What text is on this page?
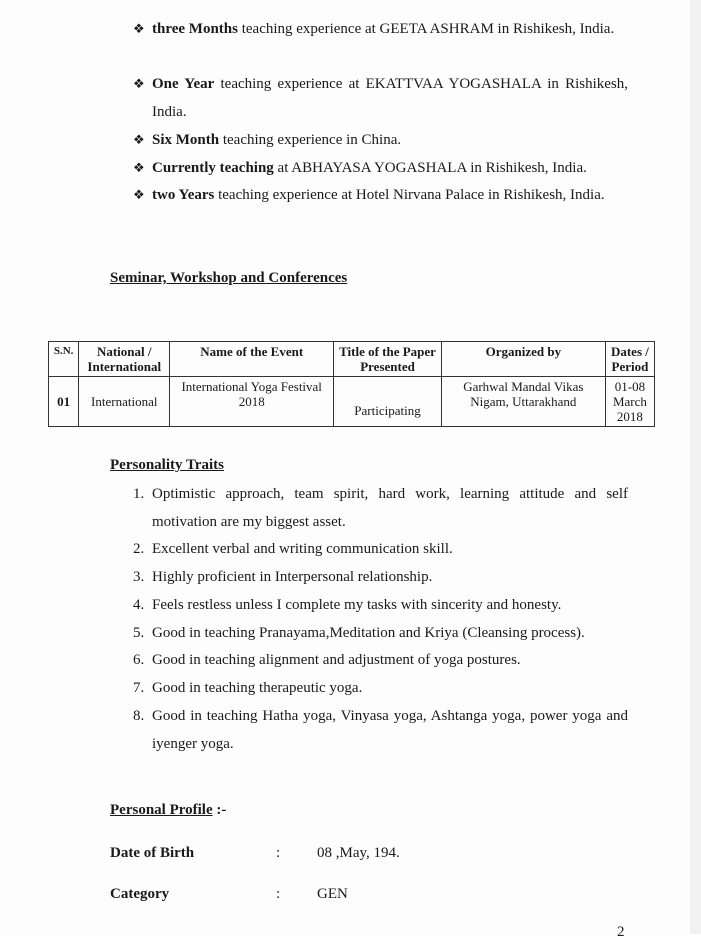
❖ three Months teaching experience at GEETA ASHRAM in Rishikesh, India.
❖ One Year teaching experience at EKATTVAA YOGASHALA in Rishikesh, India.
❖ Six Month teaching experience in China.
❖ Currently teaching at ABHAYASA YOGASHALA in Rishikesh, India.
❖ two Years teaching experience at Hotel Nirvana Palace in Rishikesh, India.
Seminar, Workshop and Conferences
S.N.	National / International	Name of the Event	Title of the Paper Presented	Organized by	Dates / Period
01	International	International Yoga Festival 2018	Participating	Garhwal Mandal Vikas Nigam, Uttarakhand	01-08 March 2018
Personality Traits
1. Optimistic approach, team spirit, hard work, learning attitude and self motivation are my biggest asset.
2. Excellent verbal and writing communication skill.
3. Highly proficient in Interpersonal relationship.
4. Feels restless unless I complete my tasks with sincerity and honesty.
5. Good in teaching Pranayama,Meditation and Kriya (Cleansing process).
6. Good in teaching alignment and adjustment of yoga postures.
7. Good in teaching therapeutic yoga.
8. Good in teaching Hatha yoga, Vinyasa yoga, Ashtanga yoga, power yoga and iyenger yoga.
Personal Profile :-
Date of Birth	: 08 ,May, 194.
Category	: GEN
2
